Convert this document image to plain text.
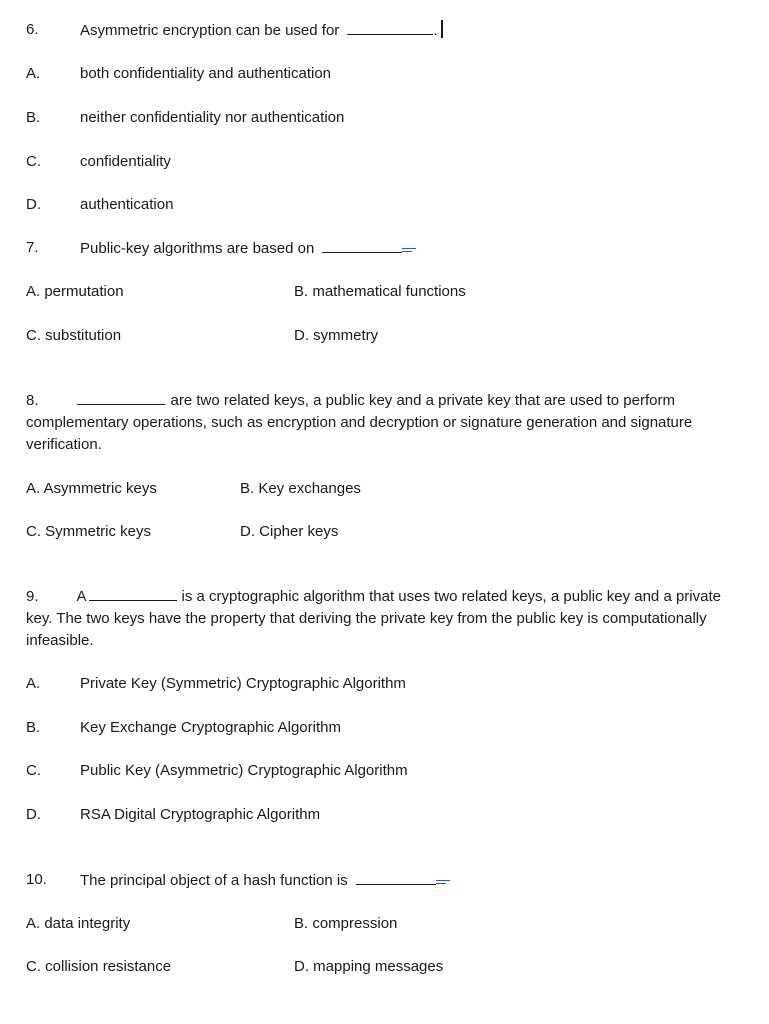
6.	Asymmetric encryption can be used for	.
A.	both confidentiality and authentication
B.	neither confidentiality nor authentication
C.	confidentiality
D.	authentication
7.	Public-key algorithms are based on
A. permutation	B. mathematical functions
C. substitution	D. symmetry
8.	are two related keys, a public key and a private key that are used to perform complementary operations, such as encryption and decryption or signature generation and signature verification.
A. Asymmetric keys	B. Key exchanges
C. Symmetric keys	D. Cipher keys
9.	A	is a cryptographic algorithm that uses two related keys, a public key and a private key. The two keys have the property that deriving the private key from the public key is computationally infeasible.
A.	Private Key (Symmetric) Cryptographic Algorithm
B.	Key Exchange Cryptographic Algorithm
C.	Public Key (Asymmetric) Cryptographic Algorithm
D.	RSA Digital Cryptographic Algorithm
10. The principal object of a hash function is
A. data integrity	B. compression
C. collision resistance	D. mapping messages
